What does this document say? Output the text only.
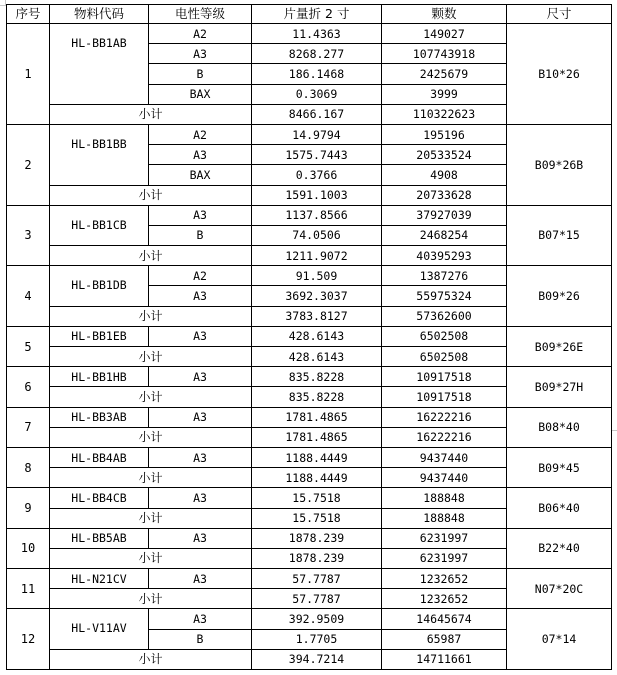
序号	物料代码	电性等级	片量折 2 寸	颗数	尺寸
1	HL-BB1AB	A2	11.4363	149027	B10*26
		A3	8268.277	107743918	
		B	186.1468	2425679	
		BAX	0.3069	3999	
	小计		8466.167	110322623	
2	HL-BB1BB	A2	14.9794	195196	B09*26B
		A3	1575.7443	20533524	
		BAX	0.3766	4908	
	小计		1591.1003	20733628	
3	HL-BB1CB	A3	1137.8566	37927039	B07*15
		B	74.0506	2468254	
	小计		1211.9072	40395293	
4	HL-BB1DB	A2	91.509	1387276	B09*26
		A3	3692.3037	55975324	
	小计		3783.8127	57362600	
5	HL-BB1EB	A3	428.6143	6502508	B09*26E
	小计		428.6143	6502508	
6	HL-BB1HB	A3	835.8228	10917518	B09*27H
	小计		835.8228	10917518	
7	HL-BB3AB	A3	1781.4865	16222216	B08*40
	小计		1781.4865	16222216	
8	HL-BB4AB	A3	1188.4449	9437440	B09*45
	小计		1188.4449	9437440	
9	HL-BB4CB	A3	15.7518	188848	B06*40
	小计		15.7518	188848	
10	HL-BB5AB	A3	1878.239	6231997	B22*40
	小计		1878.239	6231997	
11	HL-N21CV	A3	57.7787	1232652	N07*20C
	小计		57.7787	1232652	
12	HL-V11AV	A3	392.9509	14645674	07*14
		B	1.7705	65987	
	小计		394.7214	14711661	
